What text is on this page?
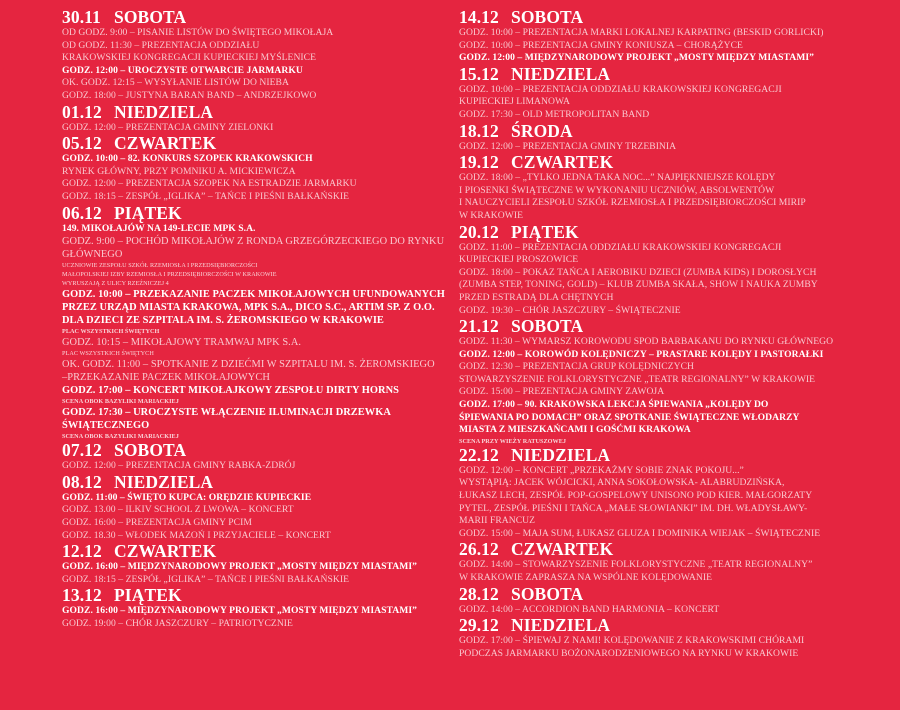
30.11 SOBOTA
OD GODZ. 9:00 – PISANIE LISTÓW DO ŚWIĘTEGO MIKOŁAJA
OD GODZ. 11:30 – PREZENTACJA ODDZIAŁU
KRAKOWSKIEJ KONGREGACJI KUPIECKIEJ MYŚLENICE
GODZ. 12:00 – UROCZYSTE OTWARCIE JARMARKU
OK. GODZ. 12:15 – WYSYŁANIE LISTÓW DO NIEBA
GODZ. 18:00 – JUSTYNA BARAN BAND – ANDRZEJKOWO
01.12 NIEDZIELA
GODZ. 12:00 – PREZENTACJA GMINY ZIELONKI
05.12 CZWARTEK
GODZ. 10:00 – 82. KONKURS SZOPEK KRAKOWSKICH
RYNEK GŁÓWNY, PRZY POMNIKU A. MICKIEWICZA
GODZ. 12:00 – PREZENTACJA SZOPEK NA ESTRADZIE JARMARKU
GODZ. 18:15 – ZESPÓŁ „IGLIKA” – TAŃCE I PIEŚNI BAŁKAŃSKIE
06.12 PIĄTEK
149. MIKOŁAJÓW NA 149-LECIE MPK S.A.
GODZ. 9:00 – POCHÓD MIKOŁAJÓW Z RONDA GRZEGÓRZECKIEGO DO RYNKU
GŁÓWNEGO
UCZNIOWIE ZESPOŁU SZKÓŁ RZEMIOSŁA I PRZEDSIĘBIORCZOŚCI
MAŁOPOLSKIEJ IZBY RZEMIOSŁA I PRZEDSIĘBIORCZOŚCI W KRAKOWIE
WYRUSZAJĄ Z ULICY RZEŹNICZEJ 4
GODZ. 10:00 – PRZEKAZANIE PACZEK MIKOŁAJOWYCH UFUNDOWANYCH
PRZEZ URZĄD MIASTA KRAKOWA, MPK S.A., DICO S.C., ARTIM SP. Z O.O.
DLA DZIECI ZE SZPITALA IM. S. ŻEROMSKIEGO W KRAKOWIE
PLAC WSZYSTKICH ŚWIĘTYCH
GODZ. 10:15 – MIKOŁAJOWY TRAMWAJ MPK S.A.
PLAC WSZYSTKICH ŚWIĘTYCH
OK. GODZ. 11:00 – SPOTKANIE Z DZIEĆMI W SZPITALU IM. S. ŻEROMSKIEGO
–PRZEKAZANIE PACZEK MIKOŁAJOWYCH
GODZ. 17:00 – KONCERT MIKOŁAJKOWY ZESPOŁU DIRTY HORNS
SCENA OBOK BAZYLIKI MARIACKIEJ
GODZ. 17:30 – UROCZYSTE WŁĄCZENIE ILUMINACJI DRZEWKA
ŚWIĄTECZNEGO
SCENA OBOK BAZYLIKI MARIACKIEJ
07.12 SOBOTA
GODZ. 12:00 – PREZENTACJA GMINY RABKA-ZDRÓJ
08.12 NIEDZIELA
GODZ. 11:00 – ŚWIĘTO KUPCA: ORĘDZIE KUPIECKIE
GODZ. 13.00 – ILKIV SCHOOL Z LWOWA – KONCERT
GODZ. 16:00 – PREZENTACJA GMINY PCIM
GODZ. 18.30 – WŁODEK MAZOŃ I PRZYJACIELE – KONCERT
12.12 CZWARTEK
GODZ. 16:00 – MIĘDZYNARODOWY PROJEKT „MOSTY MIĘDZY MIASTAMI”
GODZ. 18:15 – ZESPÓŁ „IGLIKA” – TAŃCE I PIEŚNI BAŁKAŃSKIE
13.12 PIĄTEK
GODZ. 16:00 – MIĘDZYNARODOWY PROJEKT „MOSTY MIĘDZY MIASTAMI”
GODZ. 19:00 – CHÓR JASZCZURY – PATRIOTYCZNIE
14.12 SOBOTA
GODZ. 10:00 – PREZENTACJA MARKI LOKALNEJ KARPATING (BESKID GORLICKI)
GODZ. 10:00 – PREZENTACJA GMINY KONIUSZA – CHORĄŻYCE
GODZ. 12:00 – MIĘDZYNARODOWY PROJEKT „MOSTY MIĘDZY MIASTAMI”
15.12 NIEDZIELA
GODZ. 10:00 – PREZENTACJA ODDZIAŁU KRAKOWSKIEJ KONGREGACJI
KUPIECKIEJ LIMANOWA
GODZ. 17:30 – OLD METROPOLITAN BAND
18.12 ŚRODA
GODZ. 12:00 – PREZENTACJA GMINY TRZEBINIA
19.12 CZWARTEK
GODZ. 18:00 – „TYLKO JEDNA TAKA NOC...” NAJPIĘKNIEJSZE KOLĘDY
I PIOSENKI ŚWIĄTECZNE W WYKONANIU UCZNIÓW, ABSOLWENTÓW
I NAUCZYCIELI ZESPOŁU SZKÓŁ RZEMIOSŁA I PRZEDSIĘBIORCZOŚCI MIRIP
W KRAKOWIE
20.12 PIĄTEK
GODZ. 11:00 – PREZENTACJA ODDZIAŁU KRAKOWSKIEJ KONGREGACJI
KUPIECKIEJ PROSZOWICE
GODZ. 18:00 – POKAZ TAŃCA I AEROBIKU DZIECI (ZUMBA KIDS) I DOROSŁYCH
(ZUMBA STEP, TONING, GOLD) – KLUB ZUMBA SKAŁA, SHOW I NAUKA ZUMBY
PRZED ESTRADĄ DLA CHĘTNYCH
GODZ. 19:30 – CHÓR JASZCZURY – ŚWIĄTECZNIE
21.12 SOBOTA
GODZ. 11:30 – WYMARSZ KOROWODU SPOD BARBAKANU DO RYNKU GŁÓWNEGO
GODZ. 12:00 – KOROWÓD KOLĘDNICZY – PRASTARE KOLĘDY I PASTORAŁKI
GODZ. 12:30 – PREZENTACJA GRUP KOLĘDNICZYCH
STOWARZYSZENIE FOLKLORYSTYCZNE „TEATR REGIONALNY” W KRAKOWIE
GODZ. 15:00 – PREZENTACJA GMINY ZAWOJA
GODZ. 17:00 – 90. KRAKOWSKA LEKCJA ŚPIEWANIA „KOLĘDY DO
ŚPIEWANIA PO DOMACH” ORAZ SPOTKANIE ŚWIĄTECZNE WŁODARZY
MIASTA Z MIESZKAŃCAMI I GOŚĆMI KRAKOWA
SCENA PRZY WIEŻY RATUSZOWEJ
22.12 NIEDZIELA
GODZ. 12:00 – KONCERT „PRZEKAŻMY SOBIE ZNAK POKOJU...”
WYSTĄPIĄ: JACEK WÓJCICKI, ANNA SOKOŁOWSKA- ALABRUDZIŃSKA,
ŁUKASZ LECH, ZESPÓŁ POP-GOSPELOWY UNISONO POD KIER. MAŁGORZATY
PYTEL, ZESPÓŁ PIEŚNI I TAŃCA „MAŁE SŁOWIANKI” IM. DH. WŁADYSŁAWY-
MARII FRANCUZ
GODZ. 15:00 – MAJA SUM, ŁUKASZ GLUZA I DOMINIKA WIEJAK – ŚWIĄTECZNIE
26.12 CZWARTEK
GODZ. 14:00 – STOWARZYSZENIE FOLKLORYSTYCZNE „TEATR REGIONALNY”
W KRAKOWIE ZAPRASZA NA WSPÓLNE KOLĘDOWANIE
28.12 SOBOTA
GODZ. 14:00 – ACCORDION BAND HARMONIA – KONCERT
29.12 NIEDZIELA
GODZ. 17:00 – ŚPIEWAJ Z NAMI! KOLĘDOWANIE Z KRAKOWSKIMI CHÓRAMI
PODCZAS JARMARKU BOŻONARODZENIOWEGO NA RYNKU W KRAKOWIE
